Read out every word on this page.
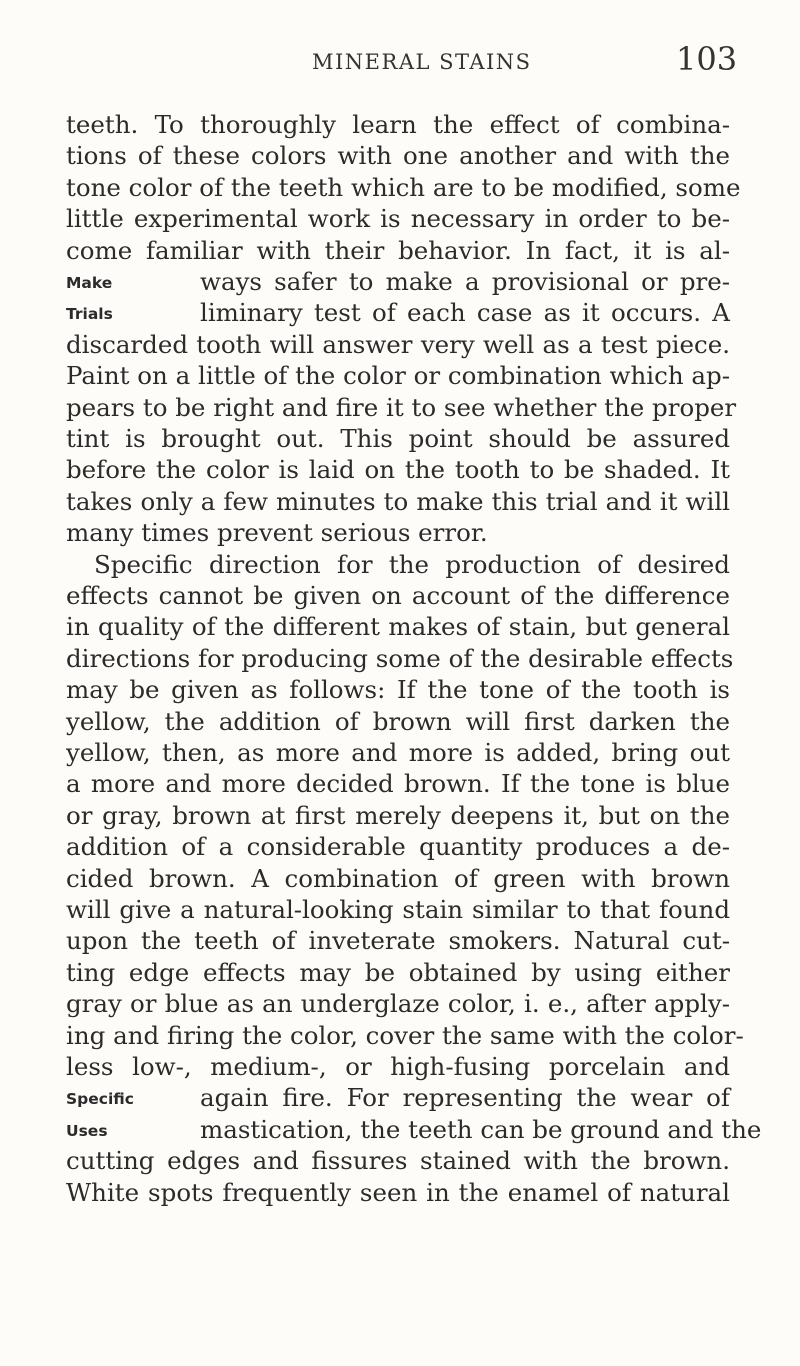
MINERAL STAINS	103
Make
Trials
Specific
Uses
teeth. To thoroughly learn the effect of combina-
tions of these colors with one another and with the
tone color of the teeth which are to be modified, some
little experimental work is necessary in order to be-
come familiar with their behavior. In fact, it is al-
ways safer to make a provisional or pre-
liminary test of each case as it occurs. A
discarded tooth will answer very well as a test piece.
Paint on a little of the color or combination which ap-
pears to be right and fire it to see whether the proper
tint is brought out. This point should be assured
before the color is laid on the tooth to be shaded. It
takes only a few minutes to make this trial and it will
many times prevent serious error.
Specific direction for the production of desired
effects cannot be given on account of the difference
in quality of the different makes of stain, but general
directions for producing some of the desirable effects
may be given as follows: If the tone of the tooth is
yellow, the addition of brown will first darken the
yellow, then, as more and more is added, bring out
a more and more decided brown. If the tone is blue
or gray, brown at first merely deepens it, but on the
addition of a considerable quantity produces a de-
cided brown. A combination of green with brown
will give a natural-looking stain similar to that found
upon the teeth of inveterate smokers. Natural cut-
ting edge effects may be obtained by using either
gray or blue as an underglaze color, i. e., after apply-
ing and firing the color, cover the same with the color-
less low-, medium-, or high-fusing porcelain and
again fire. For representing the wear of
mastication, the teeth can be ground and the
cutting edges and fissures stained with the brown.
White spots frequently seen in the enamel of natural
